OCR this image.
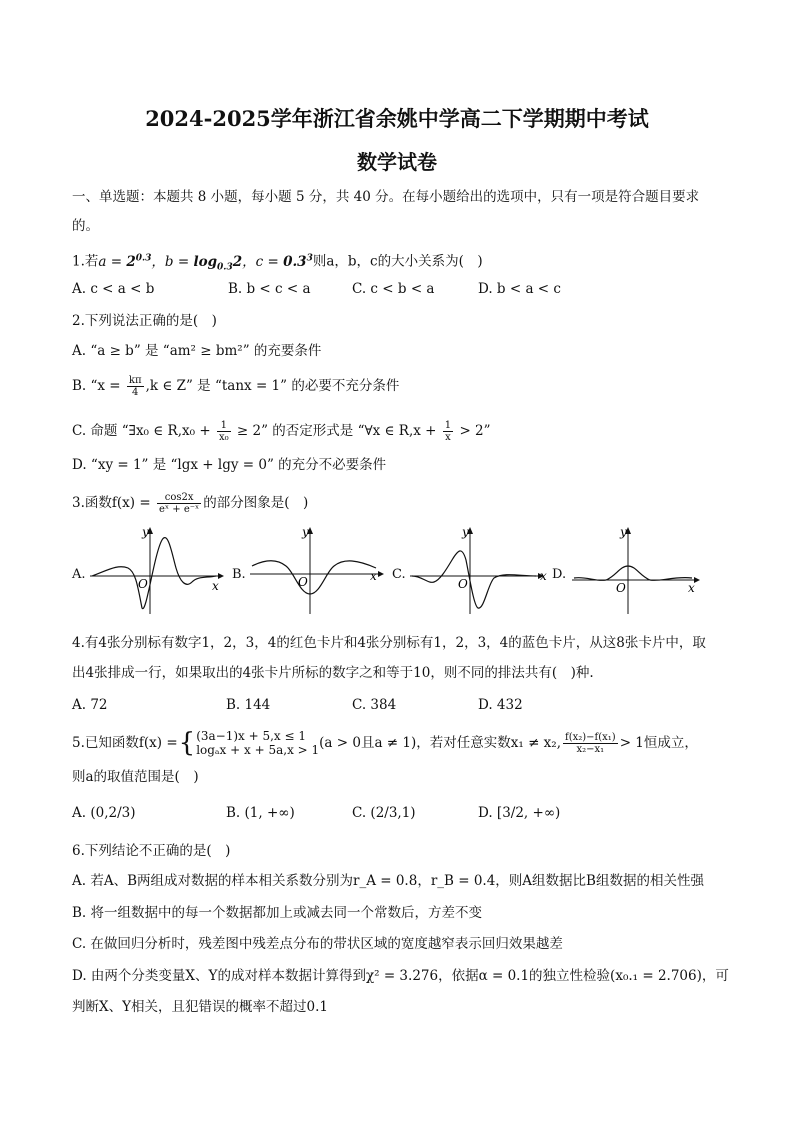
2024-2025学年浙江省余姚中学高二下学期期中考试
数学试卷
一、单选题：本题共 8 小题，每小题 5 分，共 40 分。在每小题给出的选项中，只有一项是符合题目要求
的。
1.若$a = 2^{0.3}$，$b = \log_{0.3}2$，$c = 0.3^3$则a，b，c的大小关系为(　)
A. c < a < b	B. b < c < a	C. c < b < a	D. b < a < c
2.下列说法正确的是(　)
A. “a ≥ b” 是 “am² ≥ bm²” 的充要条件
B. “$x = \frac{k\pi}{4} ,k$ ∈ Z” 是 “tanx = 1” 的必要不充分条件
C. 命题 “∃x₀ ∈ $R,x_0 + \frac{1}{\text{x₀}} \ge 2$” 的否定形式是 “∀x ∈ $R,x + \frac{1}{x} > 2$”
D. “xy = 1” 是 “lgx + lgy = 0” 的充分不必要条件
3.函数$f(x) = \frac{\cos 2x}{\text{eˣ + e⁻ˣ}}$ 的部分图象是(　)
A.
y
x
O
B.
y
x
O	C.
y
x
O
D.
y
x
O
4.有4张分别标有数字1，2，3，4的红色卡片和4张分别标有1，2，3，4的蓝色卡片，从这8张卡片中，取
出4张排成一行，如果取出的4张卡片所标的数字之和等于10，则不同的排法共有(　)种.
A. 72	B. 144	C. 384	D. 432
5.已知函数f(x) = { (3a−1)x + 5,x ≤ 1
logₐx + x + 5a,x > 1 (a > 0且a ≠ 1)，若对任意实数x₁ ≠ x₂, $\frac{\text{f(x₂)−f(x₁)}}{\text{x₂−x₁}} > 1$恒成立，
则a的取值范围是(　)
A. (0,2/3)	B. (1, +∞)	C. (2/3,1)	D. [3/2, +∞)
6.下列结论不正确的是(　)
A. 若A、B两组成对数据的样本相关系数分别为r_A = 0.8，r_B = 0.4，则A组数据比B组数据的相关性强
B. 将一组数据中的每一个数据都加上或减去同一个常数后，方差不变
C. 在做回归分析时，残差图中残差点分布的带状区域的宽度越窄表示回归效果越差
D. 由两个分类变量X、Y的成对样本数据计算得到χ² = 3.276，依据α = 0.1的独立性检验(x₀.₁ = 2.706)，可
判断X、Y相关，且犯错误的概率不超过0.1
